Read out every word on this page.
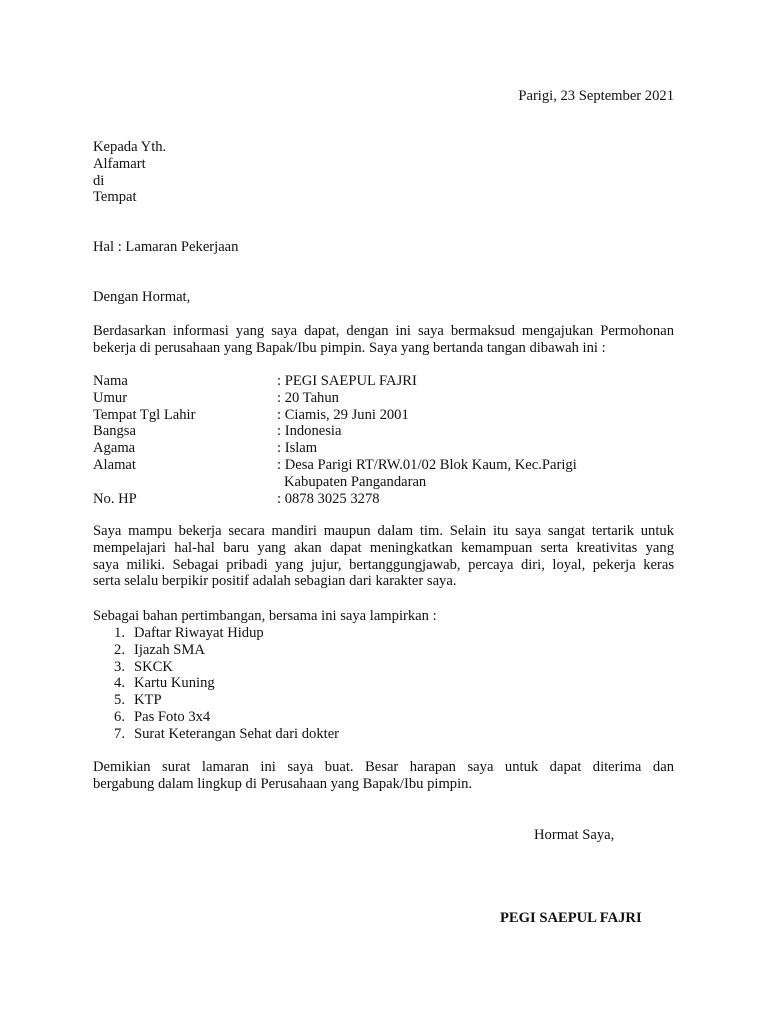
Parigi, 23 September 2021
Kepada Yth.
Alfamart
di
Tempat
Hal : Lamaran Pekerjaan
Dengan Hormat,
Berdasarkan informasi yang saya dapat, dengan ini saya bermaksud mengajukan Permohonan
bekerja di perusahaan yang Bapak/Ibu pimpin. Saya yang bertanda tangan dibawah ini :
Nama	: PEGI SAEPUL FAJRI
Umur	: 20 Tahun
Tempat Tgl Lahir	: Ciamis, 29 Juni 2001
Bangsa	: Indonesia
Agama	: Islam
Alamat	: Desa Parigi RT/RW.01/02 Blok Kaum, Kec.Parigi
Kabupaten Pangandaran
No. HP	: 0878 3025 3278
Saya mampu bekerja secara mandiri maupun dalam tim. Selain itu saya sangat tertarik untuk
mempelajari hal-hal baru yang akan dapat meningkatkan kemampuan serta kreativitas yang
saya miliki. Sebagai pribadi yang jujur, bertanggungjawab, percaya diri, loyal, pekerja keras
serta selalu berpikir positif adalah sebagian dari karakter saya.
Sebagai bahan pertimbangan, bersama ini saya lampirkan :
1. Daftar Riwayat Hidup
2. Ijazah SMA
3. SKCK
4. Kartu Kuning
5. KTP
6. Pas Foto 3x4
7. Surat Keterangan Sehat dari dokter
Demikian surat lamaran ini saya buat. Besar harapan saya untuk dapat diterima dan
bergabung dalam lingkup di Perusahaan yang Bapak/Ibu pimpin.
Hormat Saya,
PEGI SAEPUL FAJRI
